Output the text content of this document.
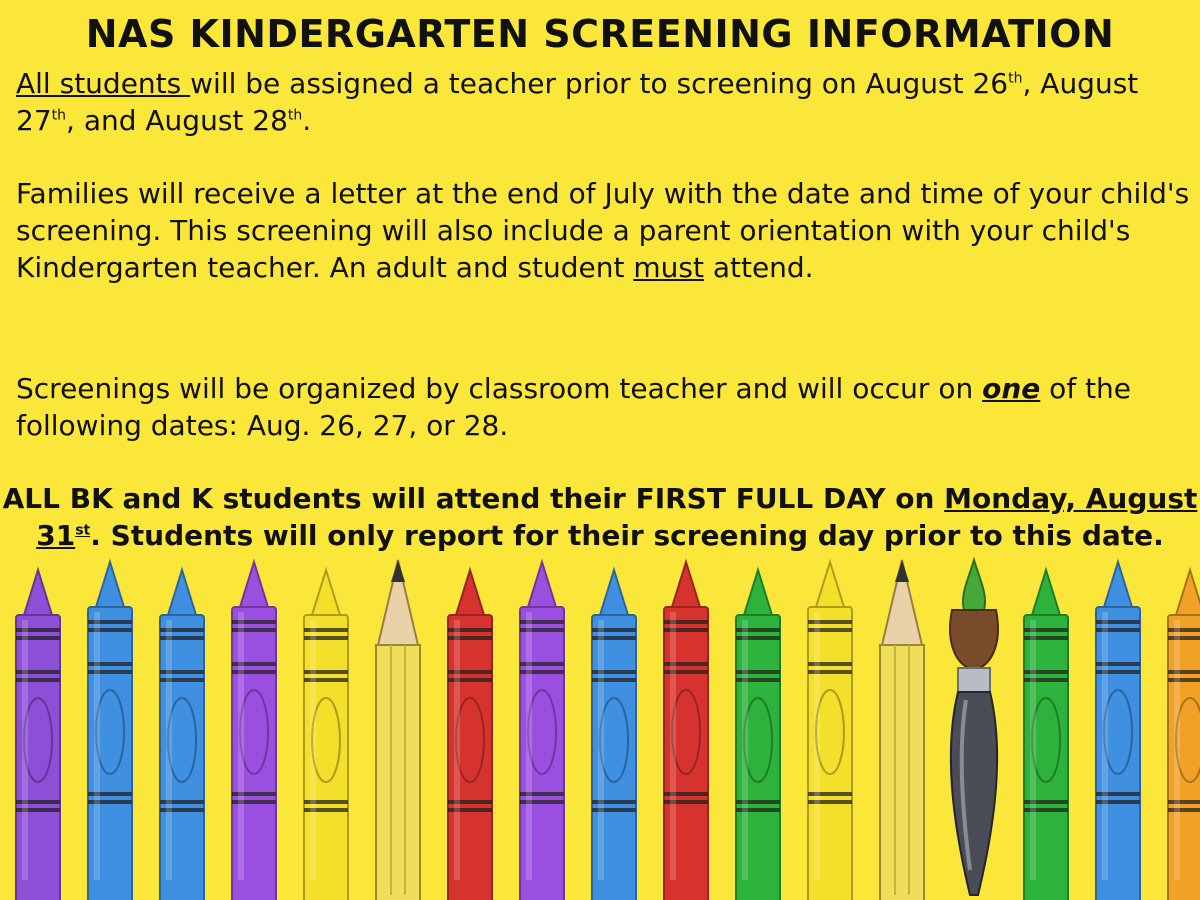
NAS KINDERGARTEN SCREENING INFORMATION
All students will be assigned a teacher prior to screening on August 26th, August 27th, and August 28th.
Families will receive a letter at the end of July with the date and time of your child's screening. This screening will also include a parent orientation with your child's Kindergarten teacher. An adult and student must attend.
Screenings will be organized by classroom teacher and will occur on one of the following dates: Aug. 26, 27, or 28.
ALL BK and K students will attend their FIRST FULL DAY on Monday, August 31st. Students will only report for their screening day prior to this date.
